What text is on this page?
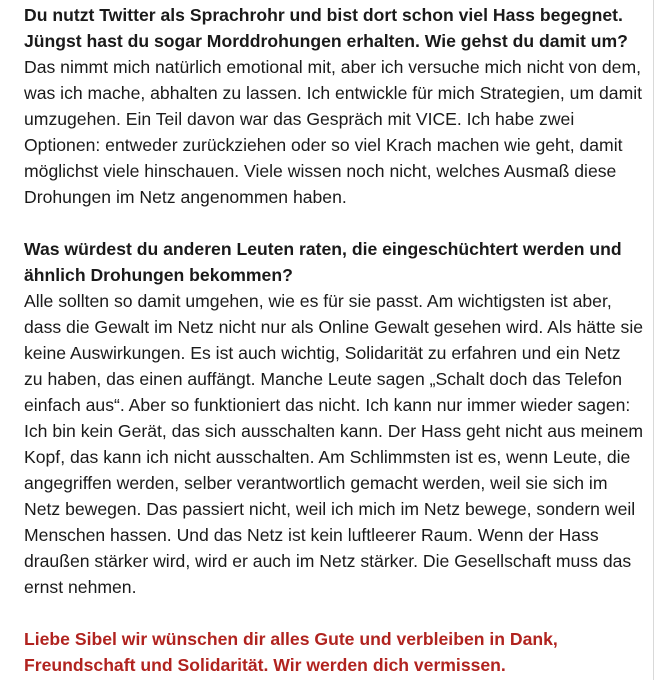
Du nutzt Twitter als Sprachrohr und bist dort schon viel Hass begegnet.
Jüngst hast du sogar Morddrohungen erhalten. Wie gehst du damit um?
Das nimmt mich natürlich emotional mit, aber ich versuche mich nicht von dem,
was ich mache, abhalten zu lassen. Ich entwickle für mich Strategien, um damit
umzugehen. Ein Teil davon war das Gespräch mit VICE. Ich habe zwei
Optionen: entweder zurückziehen oder so viel Krach machen wie geht, damit
möglichst viele hinschauen. Viele wissen noch nicht, welches Ausmaß diese
Drohungen im Netz angenommen haben.
Was würdest du anderen Leuten raten, die eingeschüchtert werden und
ähnlich Drohungen bekommen?
Alle sollten so damit umgehen, wie es für sie passt. Am wichtigsten ist aber,
dass die Gewalt im Netz nicht nur als Online Gewalt gesehen wird. Als hätte sie
keine Auswirkungen. Es ist auch wichtig, Solidarität zu erfahren und ein Netz
zu haben, das einen auffängt. Manche Leute sagen „Schalt doch das Telefon
einfach aus“. Aber so funktioniert das nicht. Ich kann nur immer wieder sagen:
Ich bin kein Gerät, das sich ausschalten kann. Der Hass geht nicht aus meinem
Kopf, das kann ich nicht ausschalten. Am Schlimmsten ist es, wenn Leute, die
angegriffen werden, selber verantwortlich gemacht werden, weil sie sich im
Netz bewegen. Das passiert nicht, weil ich mich im Netz bewege, sondern weil
Menschen hassen. Und das Netz ist kein luftleerer Raum. Wenn der Hass
draußen stärker wird, wird er auch im Netz stärker. Die Gesellschaft muss das
ernst nehmen.
Liebe Sibel wir wünschen dir alles Gute und verbleiben in Dank,
Freundschaft und Solidarität. Wir werden dich vermissen.
